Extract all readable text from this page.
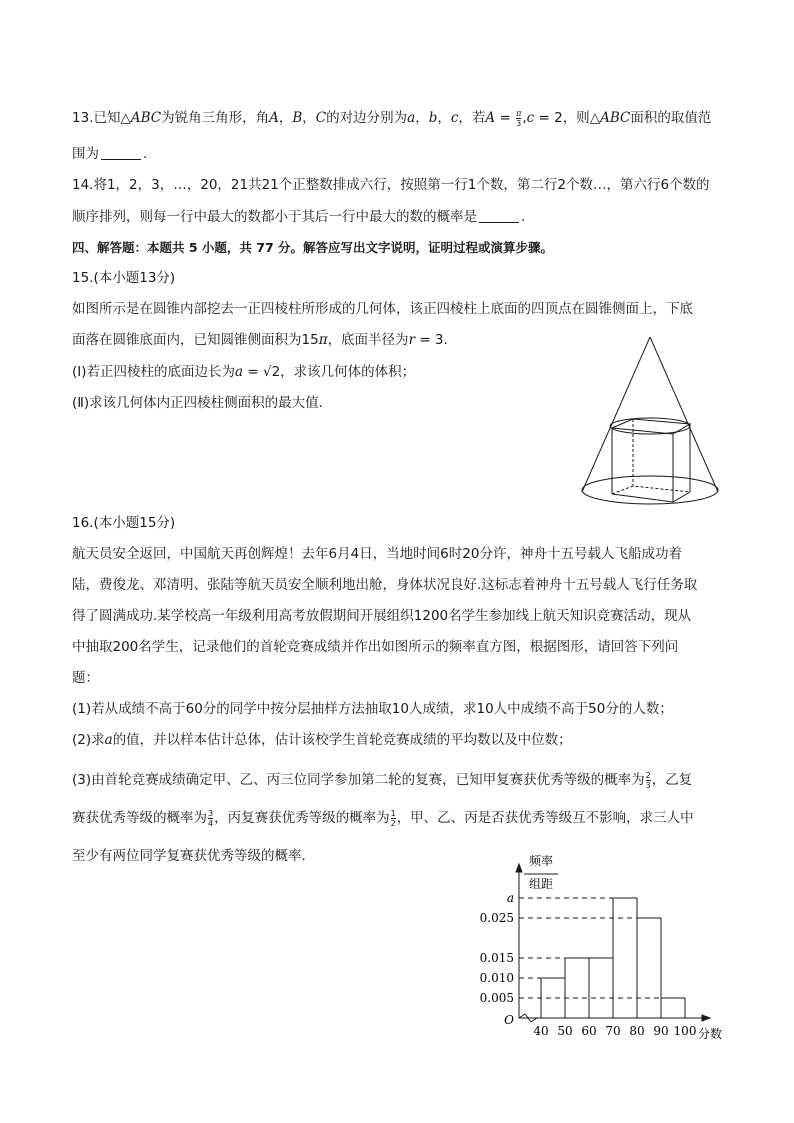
13.已知△ABC为锐角三角形，角A，B，C的对边分别为a，b，c，若$A = \frac{\pi}{3} ,c = 2$，则△ABC面积的取值范
围为	.
14.将1，2，3，…，20，21共21个正整数排成六行，按照第一行1个数，第二行2个数…，第六行6个数的
顺序排列，则每一行中最大的数都小于其后一行中最大的数的概率是	.
四、解答题：本题共 5 小题，共 77 分。解答应写出文字说明，证明过程或演算步骤。
15.(本小题13分)
如图所示是在圆锥内部挖去一正四棱柱所形成的几何体，该正四棱柱上底面的四顶点在圆锥侧面上，下底
面落在圆锥底面内，已知圆锥侧面积为15π，底面半径为r = 3.
(Ⅰ)若正四棱柱的底面边长为a = √2，求该几何体的体积；
(Ⅱ)求该几何体内正四棱柱侧面积的最大值.
16.(本小题15分)
航天员安全返回，中国航天再创辉煌！去年6月4日，当地时间6时20分许，神舟十五号载人飞船成功着
陆，费俊龙、邓清明、张陆等航天员安全顺利地出舱，身体状况良好.这标志着神舟十五号载人飞行任务取
得了圆满成功.某学校高一年级利用高考放假期间开展组织1200名学生参加线上航天知识竞赛活动，现从
中抽取200名学生，记录他们的首轮竞赛成绩并作出如图所示的频率直方图，根据图形，请回答下列问
题：
(1)若从成绩不高于60分的同学中按分层抽样方法抽取10人成绩，求10人中成绩不高于50分的人数；
(2)求a的值，并以样本估计总体，估计该校学生首轮竞赛成绩的平均数以及中位数；
(3)由首轮竞赛成绩确定甲、乙、丙三位同学参加第二轮的复赛，已知甲复赛获优秀等级的概率为 $\frac{2}{3}$ ，乙复
赛获优秀等级的概率为 $\frac{3}{4}$ ，丙复赛获优秀等级的概率为 $\frac{1}{2}$ ，甲、乙、丙是否获优秀等级互不影响，求三人中
至少有两位同学复赛获优秀等级的概率.	频率
组距
O
分数
0.005
0.010
0.015
0.025
a
40 50 60 70 80 90 100
